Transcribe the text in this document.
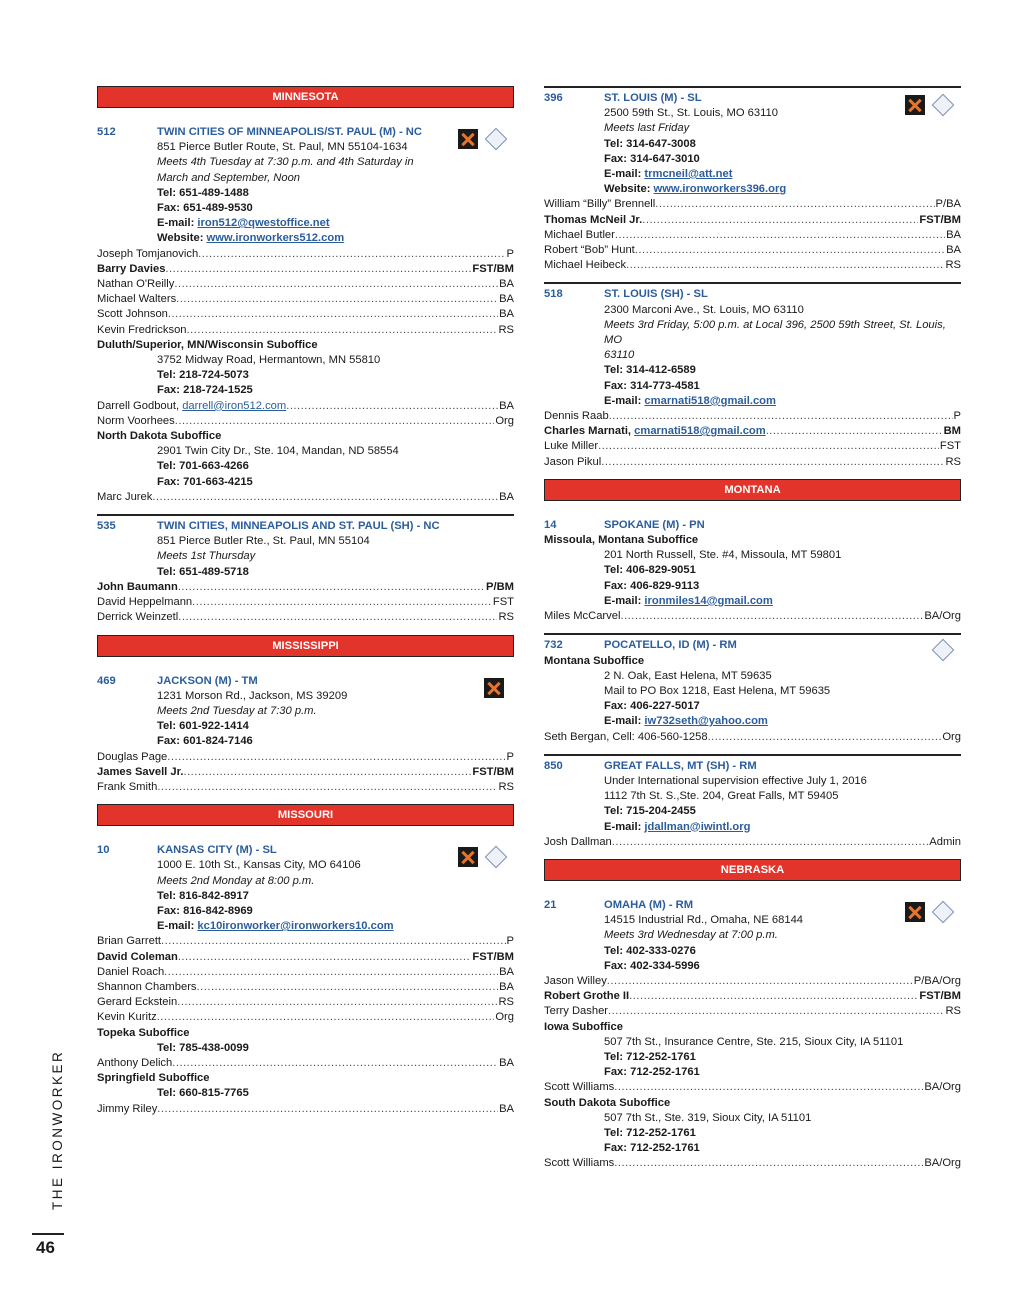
MINNESOTA
512	TWIN CITIES OF MINNEAPOLIS/ST. PAUL (M) - NC
851 Pierce Butler Route, St. Paul, MN 55104-1634
Meets 4th Tuesday at 7:30 p.m. and 4th Saturday in
March and September, Noon
Tel: 651-489-1488
Fax: 651-489-9530
E-mail: iron512@qwestoffice.net
Website: www.ironworkers512.com
Joseph Tomjanovich .....	P
Barry Davies .....	FST/BM
Nathan O'Reilly .....	BA
Michael Walters .....	BA
Scott Johnson .....	BA
Kevin Fredrickson .....	RS
Duluth/Superior, MN/Wisconsin Suboffice
3752 Midway Road, Hermantown, MN 55810
Tel: 218-724-5073
Fax: 218-724-1525
Darrell Godbout, darrell@iron512.com .....	BA
Norm Voorhees .....	Org
North Dakota Suboffice
2901 Twin City Dr., Ste. 104, Mandan, ND 58554
Tel: 701-663-4266
Fax: 701-663-4215
Marc Jurek .....	BA
535	TWIN CITIES, MINNEAPOLIS AND ST. PAUL (SH) - NC
851 Pierce Butler Rte., St. Paul, MN 55104
Meets 1st Thursday
Tel: 651-489-5718
John Baumann .....	P/BM
David Heppelmann .....	FST
Derrick Weinzetl .....	RS
MISSISSIPPI
469	JACKSON (M) - TM
1231 Morson Rd., Jackson, MS 39209
Meets 2nd Tuesday at 7:30 p.m.
Tel: 601-922-1414
Fax: 601-824-7146
Douglas Page .....	P
James Savell Jr. .....	FST/BM
Frank Smith .....	RS
MISSOURI
10	KANSAS CITY (M) - SL
1000 E. 10th St., Kansas City, MO 64106
Meets 2nd Monday at 8:00 p.m.
Tel: 816-842-8917
Fax: 816-842-8969
E-mail: kc10ironworker@ironworkers10.com
Brian Garrett .....	P
David Coleman .....	FST/BM
Daniel Roach .....	BA
Shannon Chambers .....	BA
Gerard Eckstein .....	RS
Kevin Kuritz .....	Org
Topeka Suboffice
Tel: 785-438-0099
Anthony Delich .....	BA
Springfield Suboffice
Tel: 660-815-7765
Jimmy Riley .....	BA
396	ST. LOUIS (M) - SL
2500 59th St., St. Louis, MO 63110
Meets last Friday
Tel: 314-647-3008
Fax: 314-647-3010
E-mail: trmcneil@att.net
Website: www.ironworkers396.org
William “Billy” Brennell .....	P/BA
Thomas McNeil Jr. .....	FST/BM
Michael Butler .....	BA
Robert “Bob” Hunt .....	BA
Michael Heibeck .....	RS
518	ST. LOUIS (SH) - SL
2300 Marconi Ave., St. Louis, MO 63110
Meets 3rd Friday, 5:00 p.m. at Local 396, 2500 59th Street, St. Louis, MO
63110
Tel: 314-412-6589
Fax: 314-773-4581
E-mail: cmarnati518@gmail.com
Dennis Raab .....	P
Charles Marnati, cmarnati518@gmail.com .....	BM
Luke Miller .....	FST
Jason Pikul .....	RS
MONTANA
14	SPOKANE (M) - PN
Missoula, Montana Suboffice
201 North Russell, Ste. #4, Missoula, MT 59801
Tel: 406-829-9051
Fax: 406-829-9113
E-mail: ironmiles14@gmail.com
Miles McCarvel .....	BA/Org
732	POCATELLO, ID (M) - RM
Montana Suboffice
2 N. Oak, East Helena, MT 59635
Mail to PO Box 1218, East Helena, MT 59635
Fax: 406-227-5017
E-mail: iw732seth@yahoo.com
Seth Bergan, Cell: 406-560-1258 .....	Org
850	GREAT FALLS, MT (SH) - RM
Under International supervision effective July 1, 2016
1112 7th St. S.,Ste. 204, Great Falls, MT 59405
Tel: 715-204-2455
E-mail: jdallman@iwintl.org
Josh Dallman .....	Admin
NEBRASKA
21	OMAHA (M) - RM
14515 Industrial Rd., Omaha, NE 68144
Meets 3rd Wednesday at 7:00 p.m.
Tel: 402-333-0276
Fax: 402-334-5996
Jason Willey .....	P/BA/Org
Robert Grothe II .....	FST/BM
Terry Dasher .....	RS
Iowa Suboffice
507 7th St., Insurance Centre, Ste. 215, Sioux City, IA 51101
Tel: 712-252-1761
Fax: 712-252-1761
Scott Williams .....	BA/Org
South Dakota Suboffice
507 7th St., Ste. 319, Sioux City, IA 51101
Tel: 712-252-1761
Fax: 712-252-1761
Scott Williams .....	BA/Org
THE IRONWORKER
46
